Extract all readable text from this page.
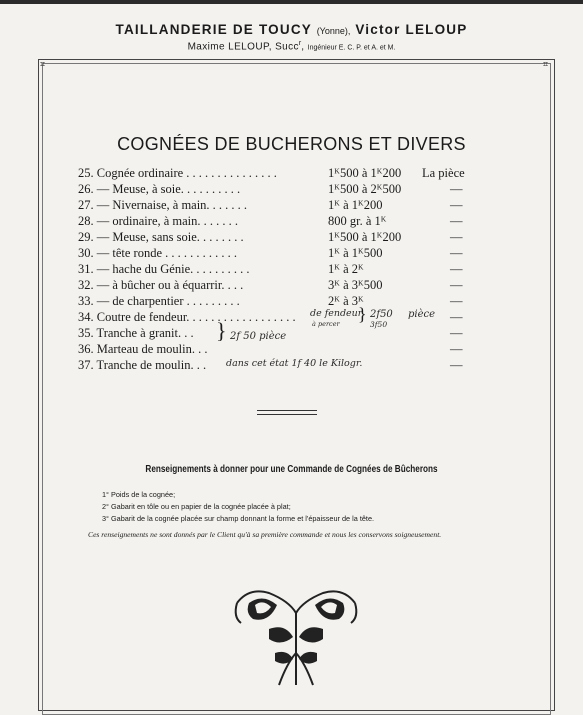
TAILLANDERIE DE TOUCY (Yonne), Victor LELOUP
Maxime LELOUP, Succ$^r$, Ingénieur E. C. P. et A. et M.
⌗	⌗
COGNÉES DE BUCHERONS ET DIVERS
25. Cognée ordinaire . . . . . . . . . . . . . . .	1ᴷ500 à 1ᴷ200 La pièce
26. — Meuse, à soie. . . . . . . . . .	1ᴷ500 à 2ᴷ500	—
27. — Nivernaise, à main. . . . . . .	1ᴷ à 1ᴷ200	—
28. — ordinaire, à main. . . . . . .	800 gr. à 1ᴷ	—
29. — Meuse, sans soie. . . . . . . .	1ᴷ500 à 1ᴷ200	—
30. — tête ronde . . . . . . . . . . . .	1ᴷ à 1ᴷ500	—
31. — hache du Génie. . . . . . . . . .	1ᴷ à 2ᴷ	—
32. — à bûcher ou à équarrir. . . .	3ᴷ à 3ᴷ500	—
33. — de charpentier . . . . . . . . .	2ᴷ à 3ᴷ	—
34. Coutre de fendeur. . . . . . . . . . . . . . . . . .	—
de fendeur
à percer
2f50
3f50
pièce
}
35. Tranche à granit. . .	—
2f 50 pièce
}
36. Marteau de moulin. . .	—
37. Tranche de moulin. . .	—
dans cet état 1f 40 le Kilogr.
Renseignements à donner pour une Commande de Cognées de Bûcherons
1° Poids de la cognée;
2° Gabarit en tôle ou en papier de la cognée placée à plat;
3° Gabarit de la cognée placée sur champ donnant la forme et l'épaisseur de la tête.
Ces renseignements ne sont donnés par le Client qu'à sa première commande et nous les conservons soigneusement.
